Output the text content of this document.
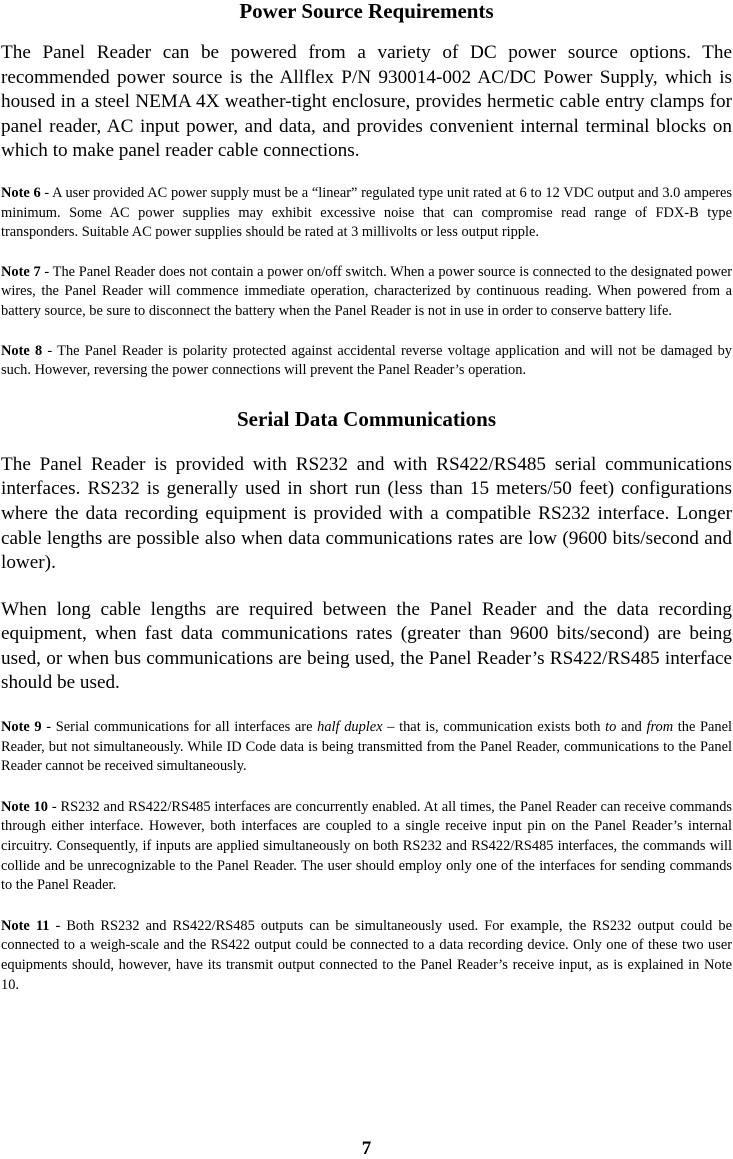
Power Source Requirements

The Panel Reader can be powered from a variety of DC power source options. The recommended power source is the Allflex P/N 930014-002 AC/DC Power Supply, which is housed in a steel NEMA 4X weather-tight enclosure, provides hermetic cable entry clamps for panel reader, AC input power, and data, and provides convenient internal terminal blocks on which to make panel reader cable connections.

Note 6 - A user provided AC power supply must be a “linear” regulated type unit rated at 6 to 12 VDC output and 3.0 amperes minimum. Some AC power supplies may exhibit excessive noise that can compromise read range of FDX-B type transponders. Suitable AC power supplies should be rated at 3 millivolts or less output ripple.

Note 7 - The Panel Reader does not contain a power on/off switch. When a power source is connected to the designated power wires, the Panel Reader will commence immediate operation, characterized by continuous reading. When powered from a battery source, be sure to disconnect the battery when the Panel Reader is not in use in order to conserve battery life.

Note 8 - The Panel Reader is polarity protected against accidental reverse voltage application and will not be damaged by such. However, reversing the power connections will prevent the Panel Reader’s operation.

Serial Data Communications

The Panel Reader is provided with RS232 and with RS422/RS485 serial communications interfaces. RS232 is generally used in short run (less than 15 meters/50 feet) configurations where the data recording equipment is provided with a compatible RS232 interface. Longer cable lengths are possible also when data communications rates are low (9600 bits/second and lower).

When long cable lengths are required between the Panel Reader and the data recording equipment, when fast data communications rates (greater than 9600 bits/second) are being used, or when bus communications are being used, the Panel Reader’s RS422/RS485 interface should be used.

Note 9 - Serial communications for all interfaces are half duplex – that is, communication exists both to and from the Panel Reader, but not simultaneously. While ID Code data is being transmitted from the Panel Reader, communications to the Panel Reader cannot be received simultaneously.

Note 10 - RS232 and RS422/RS485 interfaces are concurrently enabled. At all times, the Panel Reader can receive commands through either interface. However, both interfaces are coupled to a single receive input pin on the Panel Reader’s internal circuitry. Consequently, if inputs are applied simultaneously on both RS232 and RS422/RS485 interfaces, the commands will collide and be unrecognizable to the Panel Reader. The user should employ only one of the interfaces for sending commands to the Panel Reader.

Note 11 - Both RS232 and RS422/RS485 outputs can be simultaneously used. For example, the RS232 output could be connected to a weigh-scale and the RS422 output could be connected to a data recording device. Only one of these two user equipments should, however, have its transmit output connected to the Panel Reader’s receive input, as is explained in Note 10.

7
